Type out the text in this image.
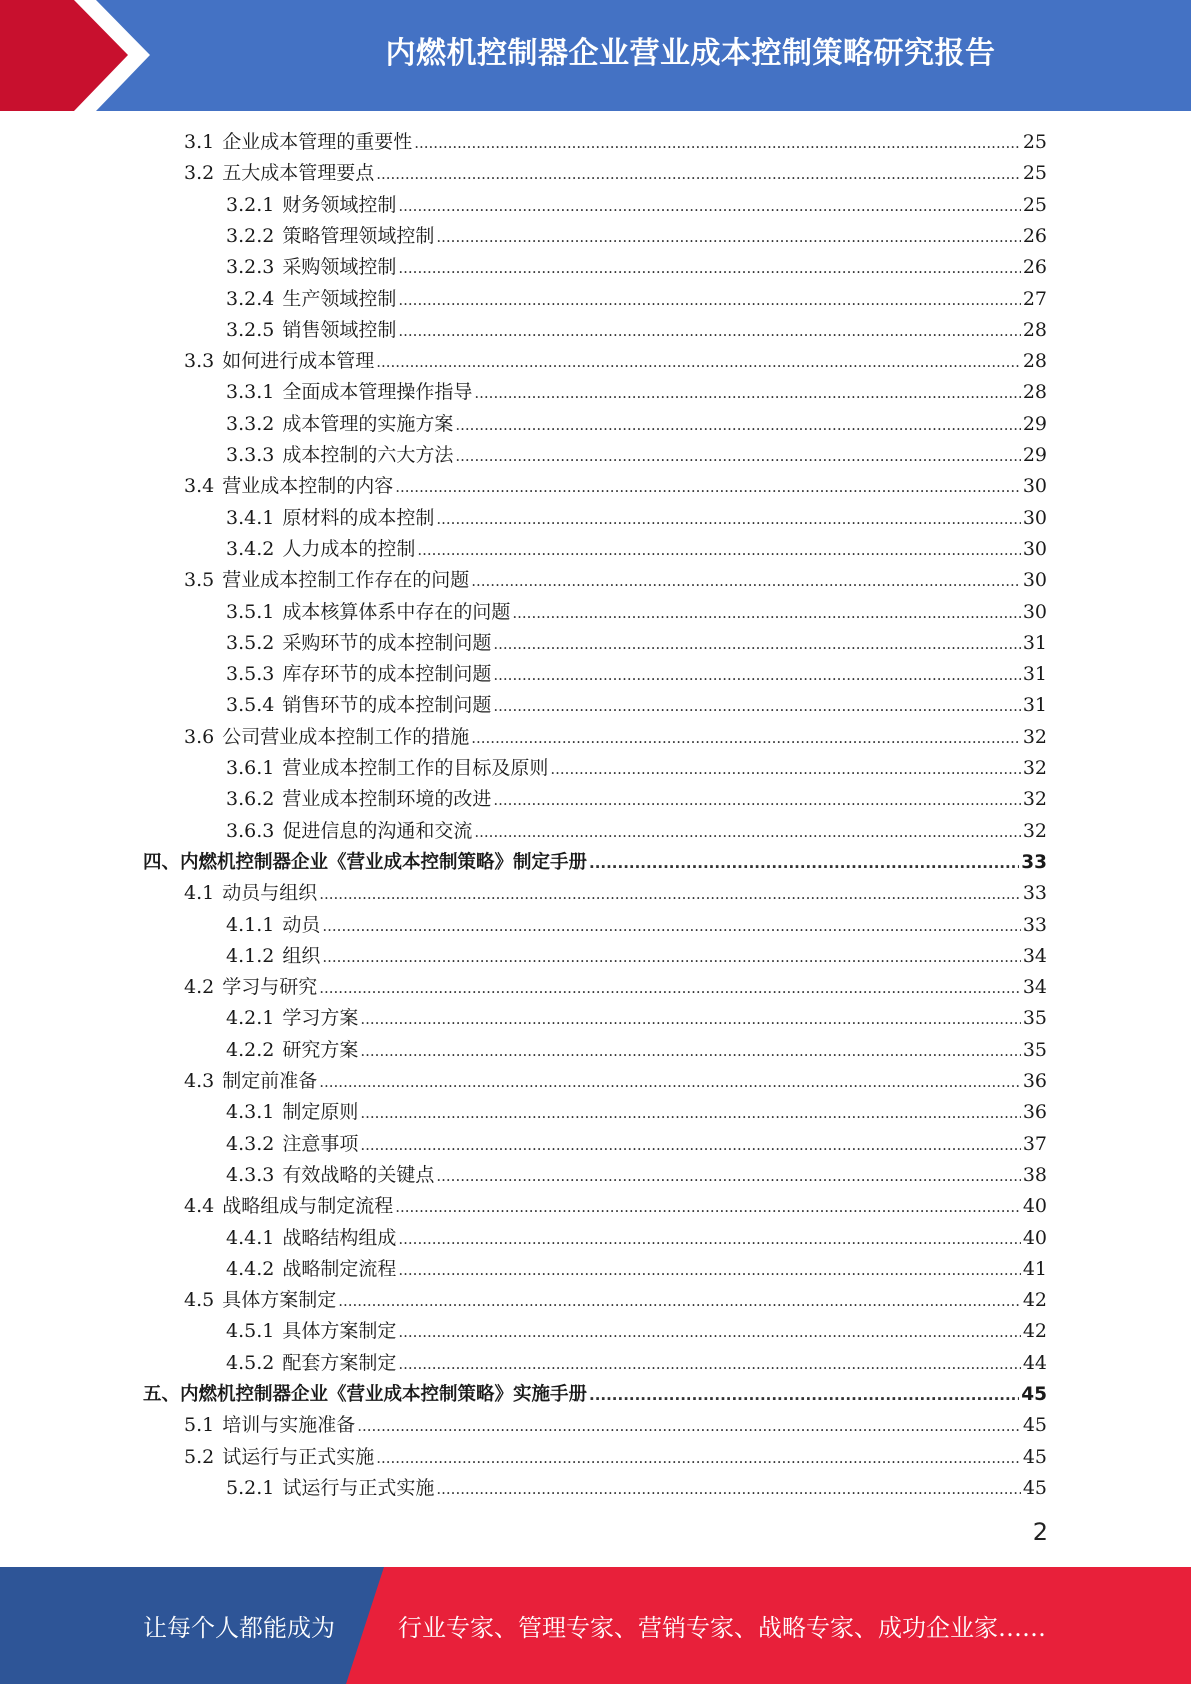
内燃机控制器企业营业成本控制策略研究报告
3.1 企业成本管理的重要性 .....	25
3.2 五大成本管理要点 .....	25
3.2.1 财务领域控制 .....	25
3.2.2 策略管理领域控制 .....	26
3.2.3 采购领域控制 .....	26
3.2.4 生产领域控制 .....	27
3.2.5 销售领域控制 .....	28
3.3 如何进行成本管理 .....	28
3.3.1 全面成本管理操作指导 .....	28
3.3.2 成本管理的实施方案 .....	29
3.3.3 成本控制的六大方法 .....	29
3.4 营业成本控制的内容 .....	30
3.4.1 原材料的成本控制 .....	30
3.4.2 人力成本的控制 .....	30
3.5 营业成本控制工作存在的问题 .....	30
3.5.1 成本核算体系中存在的问题 .....	30
3.5.2 采购环节的成本控制问题 .....	31
3.5.3 库存环节的成本控制问题 .....	31
3.5.4 销售环节的成本控制问题 .....	31
3.6 公司营业成本控制工作的措施 .....	32
3.6.1 营业成本控制工作的目标及原则 .....	32
3.6.2 营业成本控制环境的改进 .....	32
3.6.3 促进信息的沟通和交流 .....	32
四、内燃机控制器企业《营业成本控制策略》制定手册 .....	33
4.1 动员与组织 .....	33
4.1.1 动员 .....	33
4.1.2 组织 .....	34
4.2 学习与研究 .....	34
4.2.1 学习方案 .....	35
4.2.2 研究方案 .....	35
4.3 制定前准备 .....	36
4.3.1 制定原则 .....	36
4.3.2 注意事项 .....	37
4.3.3 有效战略的关键点 .....	38
4.4 战略组成与制定流程 .....	40
4.4.1 战略结构组成 .....	40
4.4.2 战略制定流程 .....	41
4.5 具体方案制定 .....	42
4.5.1 具体方案制定 .....	42
4.5.2 配套方案制定 .....	44
五、内燃机控制器企业《营业成本控制策略》实施手册 .....	45
5.1 培训与实施准备 .....	45
5.2 试运行与正式实施 .....	45
5.2.1 试运行与正式实施 .....	45
2
让每个人都能成为	行业专家、管理专家、营销专家、战略专家、成功企业家……
